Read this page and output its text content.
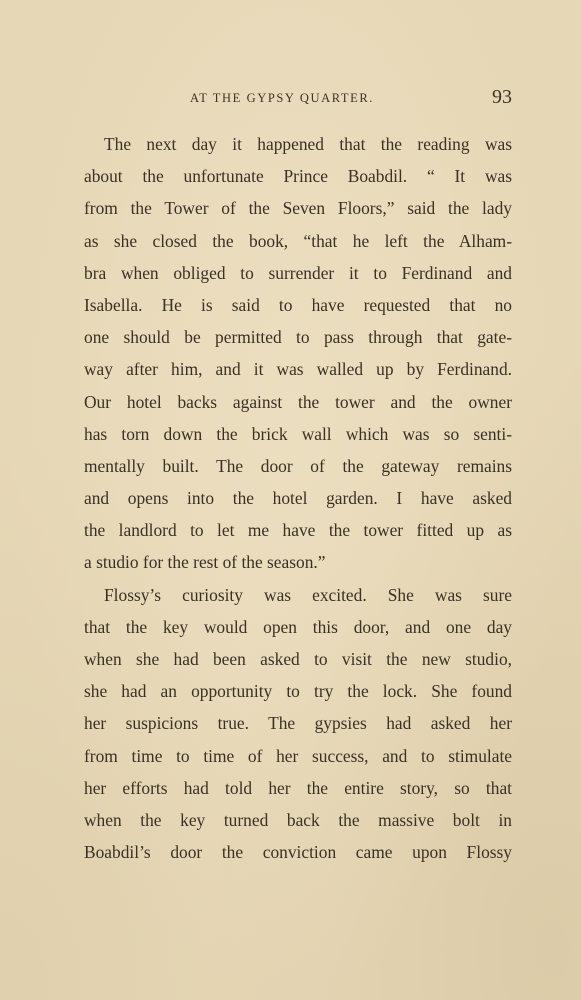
AT THE GYPSY QUARTER.	93
The next day it happened that the reading was
about the unfortunate Prince Boabdil. “ It was
from the Tower of the Seven Floors,” said the lady
as she closed the book, “that he left the Alham-
bra when obliged to surrender it to Ferdinand and
Isabella. He is said to have requested that no
one should be permitted to pass through that gate-
way after him, and it was walled up by Ferdinand.
Our hotel backs against the tower and the owner
has torn down the brick wall which was so senti-
mentally built. The door of the gateway remains
and opens into the hotel garden. I have asked
the landlord to let me have the tower fitted up as
a studio for the rest of the season.”
Flossy’s curiosity was excited. She was sure
that the key would open this door, and one day
when she had been asked to visit the new studio,
she had an opportunity to try the lock. She found
her suspicions true. The gypsies had asked her
from time to time of her success, and to stimulate
her efforts had told her the entire story, so that
when the key turned back the massive bolt in
Boabdil’s door the conviction came upon Flossy
